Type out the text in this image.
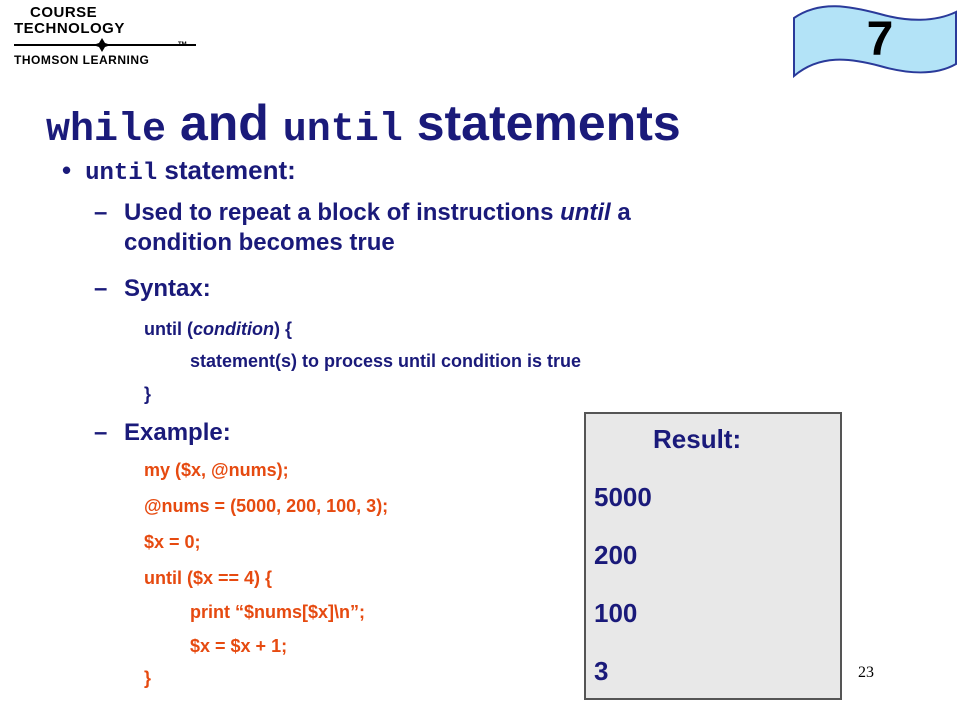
COURSE
TECHNOLOGY
TM
THOMSON LEARNING	7
while and until statements
• until statement:
– Used to repeat a block of instructions until a
condition becomes true
– Syntax:
until (condition) {
statement(s) to process until condition is true
}
– Example:
my ($x, @nums);
@nums = (5000, 200, 100, 3);
$x = 0;
until ($x == 4) {
print “$nums[$x]\n”;
$x = $x + 1;
}
Result:
5000
200
100
3	23
